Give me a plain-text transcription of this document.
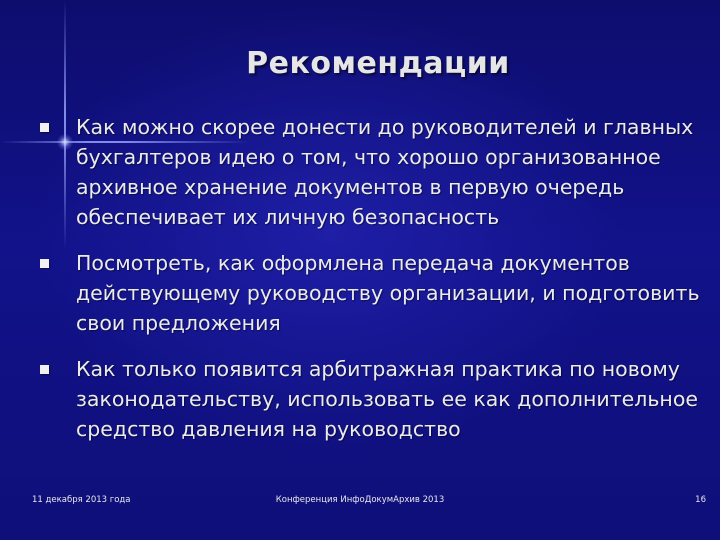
Рекомендации
Как можно скорее донести до руководителей и главных бухгалтеров идею о том, что хорошо организованное архивное хранение документов в первую очередь обеспечивает их личную безопасность
Посмотреть, как оформлена передача документов действующему руководству организации, и подготовить свои предложения
Как только появится арбитражная практика по новому законодательству, использовать ее как дополнительное средство давления на руководство
11 декабря 2013 года	Конференция ИнфоДокумАрхив 2013	16
